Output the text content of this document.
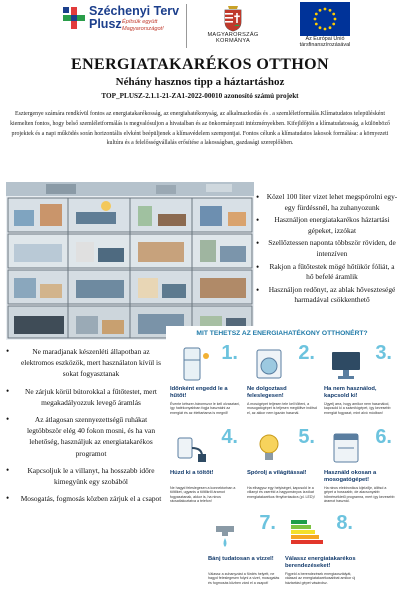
Széchenyi Terv
Plusz Építsük együtt
Magyarországot!
MAGYARORSZÁG
KORMÁNYA	Az Európai Unió
társfinanszírozásával
ENERGIATAKARÉKOS OTTHON
Néhány hasznos tipp a háztartáshoz
TOP_PLUSZ-2.1.1-21-ZA1-2022-00010 azonosító számú projekt

Esztergenye számára rendkívül fontos az energiatakarékosság, az energiahatékonyság, az alkalmazkodás és . a szemléletformálás.Klímatudatos településként kiemelten fontos, hogy belső szemléletformálás is megvalósuljon a hivatalban és az önkormányzati intézményekben. Kifejldőjön a klímatudatosság, a különböző projektek és a napi működés során horizontális elvként beépüljenek a klímavédelem szempontjai. Fontos célunk a klímatudatos lakosok formálása: a környezeti kultúra és a felelősségvállalás erősítése a lakosságban, gazdasági szereplőkben.

• Közel 100 liter vizet lehet megspórolni egy-egy fürdéssnél, ha zuhanyozunk
• Használjon energiatakarékos háztartási gépeket, izzókat
• Szellőztessen naponta többször röviden, de intenzíven
• Rakjon a fűtőtestek mögé hőtükör fóliát, a hő befelé áramlik
• Használjon redőnyt, az ablak hőveszteségé harmadával csökkenthető
• Ne maradjanak készenléti állapotban az elektromos eszközök, mert használaton kívül is sokat fogyasztanak
• Ne zárjuk körül bútorokkal a fűtőtestet, mert megakadályozzuk levegő áramlás
• Az átlagosan szennyezettségű ruhákat legtöbbször elég 40 fokon mosni, és ha van lehetőség, használjuk az energiatakarékos programot
• Kapcsoljuk le a villanyt, ha hosszabb időre kimegyünk egy szobából
• Mosogatás, fogmosás közben zárjuk el a csapot
MIT TEHETSZ AZ ENERGIAHATÉKONY OTTHONÉRT?
1.
Időnként engedd le a hűtőt!
Évente kétszer-háromszor le kell olvasztani, így hatékonyabban fogja használni az energiát és az élettartama is megnő!
2.
Ne dolgoztasd feleslegesen!
A mosógépet teljesen tele kell tölteni, a mosogatógépet is teljesen megtöltve indítsd el, az akkor nem igazán használ.
3.
Ha nem használod, kapcsold ki!
Ügyelj arra, hogy amikor nem használod, kapcsold ki a számítógépet, így kevesebb energiát fogyaszt, mint alvó módban!
4.
Húzd ki a töltőt!
Ne hagyd feleslegesen a konnektorban a töltőket, ugyanis a töltőkről áramot fogyasztanak, akkor is, ha nincs rácsatlakoztatva a telefon!
5.
Spórolj a világítással!
Ha elhagysz egy helyiséget, kapcsold le a villanyt és cseréld a hagyományos izzókat energiatakarékos fényforrásokra (pl. LED)!
6.
Használd okosan a mosogatógépet!
Ha nincs elektronikus kijelzője, állítsd a gépet a hosszabb, de alacsonyabb hőmérsékletű programra, mert így kevesebb áramot használ.
7.
Bánj tudatosan a vízzel!
Válassz a zuhanyzást a fürdés helyett, ne hagyd feleslegesen folyni a vizet, mosogatás és fogmosás közben zárd el a csapot!
8.
Válassz energiatakarékos berendezéseket!
Figyeld a berendezések energiaosztályát, válaszd az energiatakarékosabbat amikor új háztartási gépet vásárolsz.
